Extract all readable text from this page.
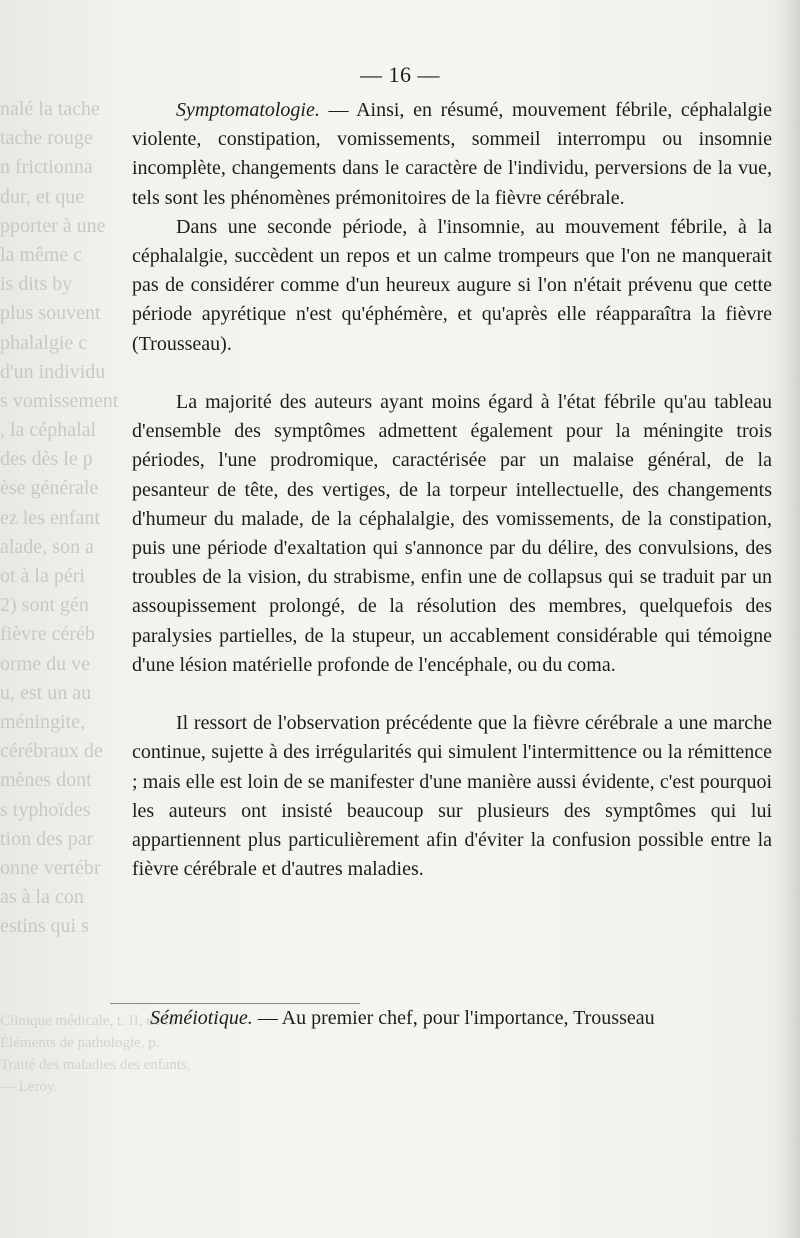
nalé la tache
tache rouge
n frictionna
dur, et que
pporter à une
la même c
is dits by
plus souvent
phalalgie c
d'un individu
s vomissement
, la céphalal
des dès le p
èse générale
ez les enfant
alade, son a
ot à la péri
2) sont gén
fièvre céréb
orme du ve
u, est un au
méningite,
cérébraux de
mènes dont
s typhoïdes
tion des par
onne vertébr
as à la con
estins qui s
— 16 —

Symptomatologie. — Ainsi, en résumé, mouvement fébrile, céphalalgie violente, constipation, vomissements, sommeil interrompu ou insomnie incomplète, changements dans le caractère de l'individu, perversions de la vue, tels sont les phénomènes prémonitoires de la fièvre cérébrale.

Dans une seconde période, à l'insomnie, au mouvement fébrile, à la céphalalgie, succèdent un repos et un calme trompeurs que l'on ne manquerait pas de considérer comme d'un heureux augure si l'on n'était prévenu que cette période apyrétique n'est qu'éphémère, et qu'après elle réapparaîtra la fièvre (Trousseau).

La majorité des auteurs ayant moins égard à l'état fébrile qu'au tableau d'ensemble des symptômes admettent également pour la méningite trois périodes, l'une prodromique, caractérisée par un malaise général, de la pesanteur de tête, des vertiges, de la torpeur intellectuelle, des changements d'humeur du malade, de la céphalalgie, des vomissements, de la constipation, puis une période d'exaltation qui s'annonce par du délire, des convulsions, des troubles de la vision, du strabisme, enfin une de collapsus qui se traduit par un assoupissement prolongé, de la résolution des membres, quelquefois des paralysies partielles, de la stupeur, un accablement considérable qui témoigne d'une lésion matérielle profonde de l'encéphale, ou du coma.

Il ressort de l'observation précédente que la fièvre cérébrale a une marche continue, sujette à des irrégularités qui simulent l'intermittence ou la rémittence ; mais elle est loin de se manifester d'une manière aussi évidente, c'est pourquoi les auteurs ont insisté beaucoup sur plusieurs des symptômes qui lui appartiennent plus particulièrement afin d'éviter la confusion possible entre la fièvre cérébrale et d'autres maladies.

Clinique médicale, t. II, de la
Éléments de pathologie, p.
Traité des maladies des enfants,
— Leroy.
Séméiotique. — Au premier chef, pour l'importance, Trousseau
